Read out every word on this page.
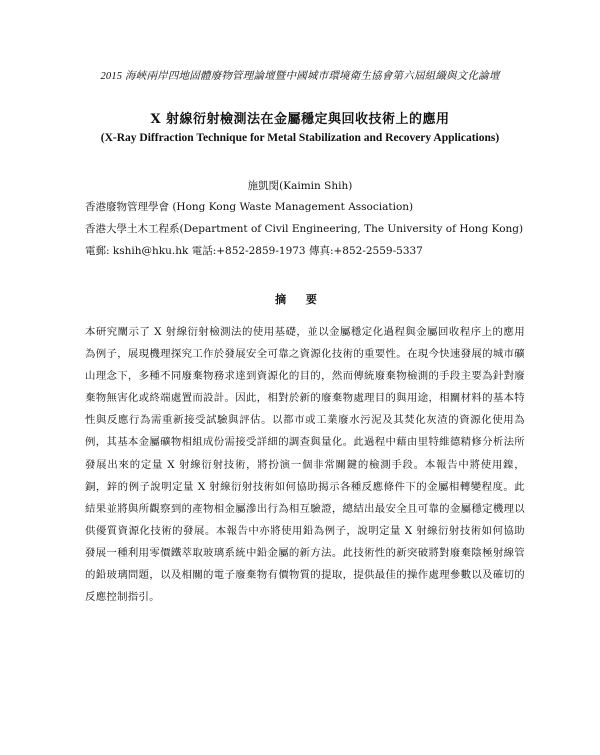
2015 海峽兩岸四地固體廢物管理論壇暨中國城市環境衛生協會第六屆組織與文化論壇
X 射線衍射檢測法在金屬穩定與回收技術上的應用
(X-Ray Diffraction Technique for Metal Stabilization and Recovery Applications)
施凱閔(Kaimin Shih)
香港廢物管理學會 (Hong Kong Waste Management Association)
香港大學土木工程系(Department of Civil Engineering, The University of Hong Kong)
電郵: kshih@hku.hk 電話:+852-2859-1973 傳真:+852-2559-5337
摘 要
本研究闡示了 X 射線衍射檢測法的使用基礎，並以金屬穩定化過程與金屬回收程序上的應用為例子，展現機理探究工作於發展安全可靠之資源化技術的重要性。在現今快速發展的城市礦山理念下，多種不同廢棄物務求達到資源化的目的，然而傳統廢棄物檢測的手段主要為針對廢棄物無害化或終端處置而設計。因此，相對於新的廢棄物處理目的與用途，相關材料的基本特性與反應行為需重新接受試驗與評估。以都市或工業廢水污泥及其焚化灰渣的資源化使用為例，其基本金屬礦物相組成份需接受詳細的調查與量化。此過程中藉由里特維德精修分析法所發展出來的定量 X 射線衍射技術，將扮演一個非常關鍵的檢測手段。本報告中將使用鎳，銅，鋅的例子說明定量 X 射線衍射技術如何協助揭示各種反應條件下的金屬相轉變程度。此結果並將與所觀察到的產物相金屬滲出行為相互驗證，總結出最安全且可靠的金屬穩定機理以供優質資源化技術的發展。本報告中亦將使用鉛為例子，說明定量 X 射線衍射技術如何協助發展一種利用零價鐵萃取玻璃系統中鉛金屬的新方法。此技術性的新突破將對廢棄陰極射線管的鉛玻璃問題，以及相關的電子廢棄物有價物質的提取，提供最佳的操作處理參數以及確切的反應控制指引。
